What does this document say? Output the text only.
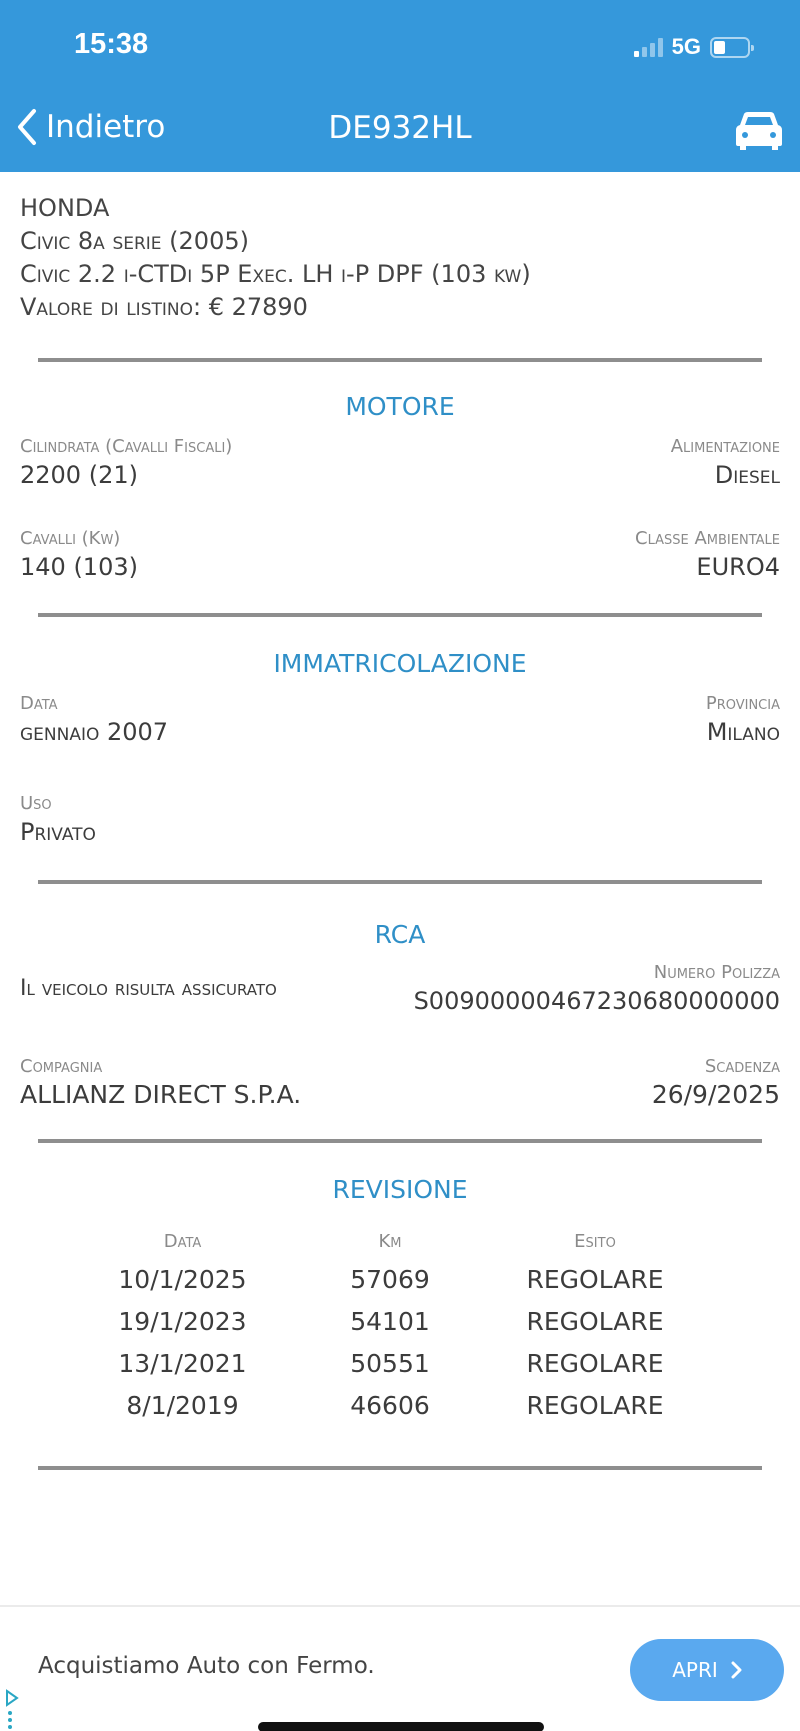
15:38	5G
Indietro	DE932HL
HONDA
Civic 8a serie (2005)
Civic 2.2 i-CTDi 5P Exec. LH i-P DPF (103 kw)
Valore di listino: € 27890
MOTORE
Cilindrata (Cavalli Fiscali)
2200 (21)
Alimentazione
Diesel
Cavalli (Kw)
140 (103)
Classe Ambientale
EURO4
IMMATRICOLAZIONE
Data
gennaio 2007
Provincia
Milano
Uso
Privato
RCA
Il veicolo risulta assicurato
Numero Polizza
S00900000467230680000000
Compagnia
ALLIANZ DIRECT S.P.A.
Scadenza
26/9/2025
REVISIONE
Data	Km	Esito
10/1/2025	57069	REGOLARE
19/1/2023	54101	REGOLARE
13/1/2021	50551	REGOLARE
8/1/2019	46606	REGOLARE
Acquistiamo Auto con Fermo.	APRI
